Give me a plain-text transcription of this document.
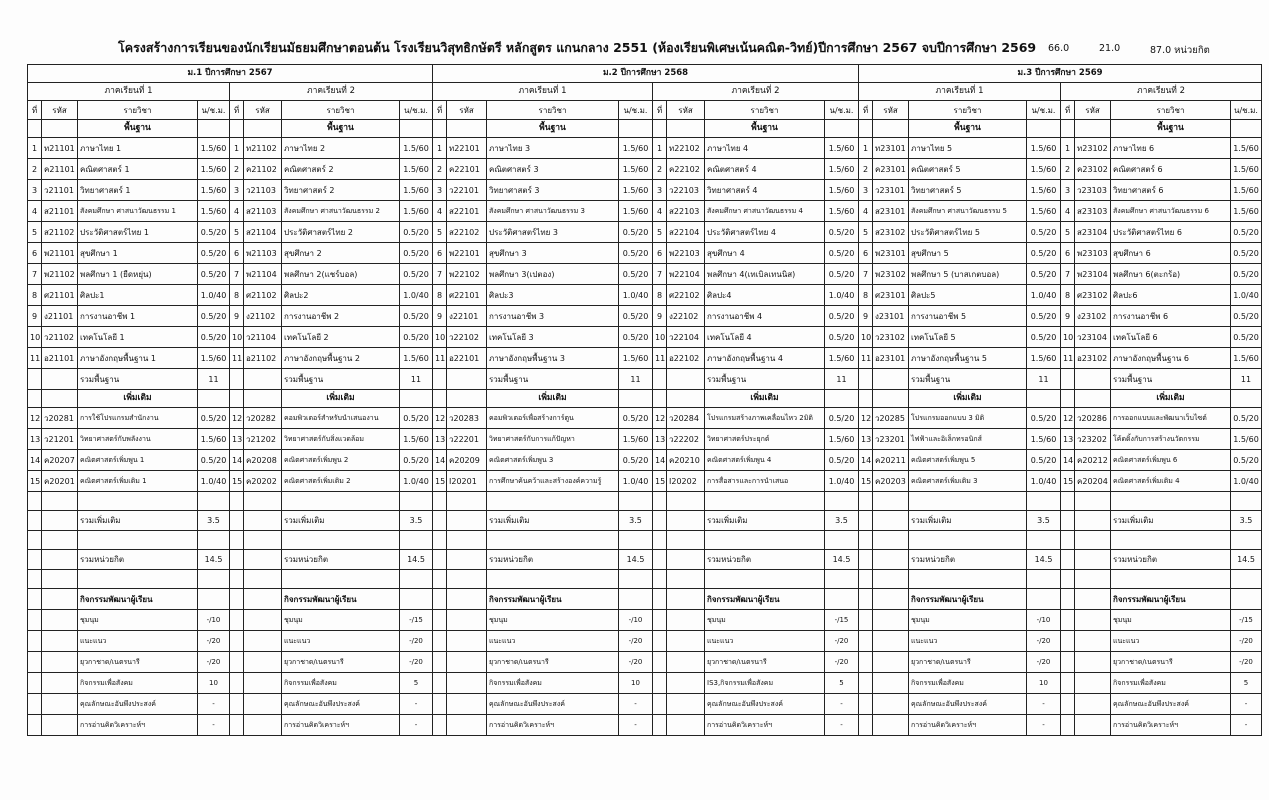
โครงสร้างการเรียนของนักเรียนมัธยมศึกษาตอนต้น โรงเรียนวิสุทธิกษัตรี หลักสูตร แกนกลาง 2551 (ห้องเรียนพิเศษเน้นคณิต-วิทย์)ปีการศึกษา 2567 จบปีการศึกษา 2569 66.0	21.0	87.0 หน่วยกิต
ม.1 ปีการศึกษา 2567								ม.2 ปีการศึกษา 2568								ม.3 ปีการศึกษา 2569							
ภาคเรียนที่ 1				ภาคเรียนที่ 2				ภาคเรียนที่ 1				ภาคเรียนที่ 2				ภาคเรียนที่ 1				ภาคเรียนที่ 2			
ที่	รหัส	รายวิชา	น/ช.ม.	ที่	รหัส	รายวิชา	น/ช.ม.	ที่	รหัส	รายวิชา	น/ช.ม.	ที่	รหัส	รายวิชา	น/ช.ม.	ที่	รหัส	รายวิชา	น/ช.ม.	ที่	รหัส	รายวิชา	น/ช.ม.
		พื้นฐาน				พื้นฐาน				พื้นฐาน				พื้นฐาน				พื้นฐาน				พื้นฐาน	
1	ท21101	ภาษาไทย 1	1.5/60	1	ท21102	ภาษาไทย 2	1.5/60	1	ท22101	ภาษาไทย 3	1.5/60	1	ท22102	ภาษาไทย 4	1.5/60	1	ท23101	ภาษาไทย 5	1.5/60	1	ท23102	ภาษาไทย 6	1.5/60
2	ค21101	คณิตศาสตร์ 1	1.5/60	2	ค21102	คณิตศาสตร์ 2	1.5/60	2	ค22101	คณิตศาสตร์ 3	1.5/60	2	ค22102	คณิตศาสตร์ 4	1.5/60	2	ค23101	คณิตศาสตร์ 5	1.5/60	2	ค23102	คณิตศาสตร์ 6	1.5/60
3	ว21101	วิทยาศาสตร์ 1	1.5/60	3	ว21103	วิทยาศาสตร์ 2	1.5/60	3	ว22101	วิทยาศาสตร์ 3	1.5/60	3	ว22103	วิทยาศาสตร์ 4	1.5/60	3	ว23101	วิทยาศาสตร์ 5	1.5/60	3	ว23103	วิทยาศาสตร์ 6	1.5/60
4	ส21101	สังคมศึกษา ศาสนาวัฒนธรรม 1	1.5/60	4	ส21103	สังคมศึกษา ศาสนาวัฒนธรรม 2	1.5/60	4	ส22101	สังคมศึกษา ศาสนาวัฒนธรรม 3	1.5/60	4	ส22103	สังคมศึกษา ศาสนาวัฒนธรรม 4	1.5/60	4	ส23101	สังคมศึกษา ศาสนาวัฒนธรรม 5	1.5/60	4	ส23103	สังคมศึกษา ศาสนาวัฒนธรรม 6	1.5/60
5	ส21102	ประวัติศาสตร์ไทย 1	0.5/20	5	ส21104	ประวัติศาสตร์ไทย 2	0.5/20	5	ส22102	ประวัติศาสตร์ไทย 3	0.5/20	5	ส22104	ประวัติศาสตร์ไทย 4	0.5/20	5	ส23102	ประวัติศาสตร์ไทย 5	0.5/20	5	ส23104	ประวัติศาสตร์ไทย 6	0.5/20
6	พ21101	สุขศึกษา 1	0.5/20	6	พ21103	สุขศึกษา 2	0.5/20	6	พ22101	สุขศึกษา 3	0.5/20	6	พ22103	สุขศึกษา 4	0.5/20	6	พ23101	สุขศึกษา 5	0.5/20	6	พ23103	สุขศึกษา 6	0.5/20
7	พ21102	พลศึกษา 1 (ยืดหยุ่น)	0.5/20	7	พ21104	พลศึกษา 2(แชร์บอล)	0.5/20	7	พ22102	พลศึกษา 3(เปตอง)	0.5/20	7	พ22104	พลศึกษา 4(เทเบิลเทนนิส)	0.5/20	7	พ23102	พลศึกษา 5 (บาสเกตบอล)	0.5/20	7	พ23104	พลศึกษา 6(ตะกร้อ)	0.5/20
8	ศ21101	ศิลปะ1	1.0/40	8	ศ21102	ศิลปะ2	1.0/40	8	ศ22101	ศิลปะ3	1.0/40	8	ศ22102	ศิลปะ4	1.0/40	8	ศ23101	ศิลปะ5	1.0/40	8	ศ23102	ศิลปะ6	1.0/40
9	ง21101	การงานอาชีพ 1	0.5/20	9	ง21102	การงานอาชีพ 2	0.5/20	9	ง22101	การงานอาชีพ 3	0.5/20	9	ง22102	การงานอาชีพ 4	0.5/20	9	ง23101	การงานอาชีพ 5	0.5/20	9	ง23102	การงานอาชีพ 6	0.5/20
10	ว21102	เทคโนโลยี 1	0.5/20	10	ว21104	เทคโนโลยี 2	0.5/20	10	ว22102	เทคโนโลยี 3	0.5/20	10	ว22104	เทคโนโลยี 4	0.5/20	10	ว23102	เทคโนโลยี 5	0.5/20	10	ว23104	เทคโนโลยี 6	0.5/20
11	อ21101	ภาษาอังกฤษพื้นฐาน 1	1.5/60	11	อ21102	ภาษาอังกฤษพื้นฐาน 2	1.5/60	11	อ22101	ภาษาอังกฤษพื้นฐาน 3	1.5/60	11	อ22102	ภาษาอังกฤษพื้นฐาน 4	1.5/60	11	อ23101	ภาษาอังกฤษพื้นฐาน 5	1.5/60	11	อ23102	ภาษาอังกฤษพื้นฐาน 6	1.5/60
		รวมพื้นฐาน	11			รวมพื้นฐาน	11			รวมพื้นฐาน	11			รวมพื้นฐาน	11			รวมพื้นฐาน	11			รวมพื้นฐาน	11
		เพิ่มเติม				เพิ่มเติม				เพิ่มเติม				เพิ่มเติม				เพิ่มเติม				เพิ่มเติม	
12	ว20281	การใช้โปรแกรมสำนักงาน	0.5/20	12	ว20282	คอมพิวเตอร์สำหรับนำเสนองาน	0.5/20	12	ว20283	คอมพิวเตอร์เพื่อสร้างการ์ตูน	0.5/20	12	ว20284	โปรแกรมสร้างภาพเคลื่อนไหว 2มิติ	0.5/20	12	ว20285	โปรแกรมออกแบบ 3 มิติ	0.5/20	12	ว20286	การออกแบบและพัฒนาเว็บไซต์	0.5/20
13	ว21201	วิทยาศาสตร์กับพลังงาน	1.5/60	13	ว21202	วิทยาศาสตร์กับสิ่งแวดล้อม	1.5/60	13	ว22201	วิทยาศาสตร์กับการแก้ปัญหา	1.5/60	13	ว22202	วิทยาศาสตร์ประยุกต์	1.5/60	13	ว23201	ไฟฟ้าและอิเล็กทรอนิกส์	1.5/60	13	ว23202	โค้ดดิ้งกับการสร้างนวัตกรรม	1.5/60
14	ค20207	คณิตศาสตร์เพิ่มพูน 1	0.5/20	14	ค20208	คณิตศาสตร์เพิ่มพูน 2	0.5/20	14	ค20209	คณิตศาสตร์เพิ่มพูน 3	0.5/20	14	ค20210	คณิตศาสตร์เพิ่มพูน 4	0.5/20	14	ค20211	คณิตศาสตร์เพิ่มพูน 5	0.5/20	14	ค20212	คณิตศาสตร์เพิ่มพูน 6	0.5/20
15	ค20201	คณิตศาสตร์เพิ่มเติม 1	1.0/40	15	ค20202	คณิตศาสตร์เพิ่มเติม 2	1.0/40	15	I20201	การศึกษาค้นคว้าและสร้างองค์ความรู้	1.0/40	15	I20202	การสื่อสารและการนำเสนอ	1.0/40	15	ค20203	คณิตศาสตร์เพิ่มเติม 3	1.0/40	15	ค20204	คณิตศาสตร์เพิ่มเติม 4	1.0/40

		รวมเพิ่มเติม	3.5			รวมเพิ่มเติม	3.5			รวมเพิ่มเติม	3.5			รวมเพิ่มเติม	3.5			รวมเพิ่มเติม	3.5			รวมเพิ่มเติม	3.5

		รวมหน่วยกิต	14.5			รวมหน่วยกิต	14.5			รวมหน่วยกิต	14.5			รวมหน่วยกิต	14.5			รวมหน่วยกิต	14.5			รวมหน่วยกิต	14.5

		กิจกรรมพัฒนาผู้เรียน				กิจกรรมพัฒนาผู้เรียน				กิจกรรมพัฒนาผู้เรียน				กิจกรรมพัฒนาผู้เรียน				กิจกรรมพัฒนาผู้เรียน				กิจกรรมพัฒนาผู้เรียน	
		ชุมนุม	-/10			ชุมนุม	-/15			ชุมนุม	-/10			ชุมนุม	-/15			ชุมนุม	-/10			ชุมนุม	-/15
		แนะแนว	-/20			แนะแนว	-/20			แนะแนว	-/20			แนะแนว	-/20			แนะแนว	-/20			แนะแนว	-/20
		ยุวกาชาด/เนตรนารี	-/20			ยุวกาชาด/เนตรนารี	-/20			ยุวกาชาด/เนตรนารี	-/20			ยุวกาชาด/เนตรนารี	-/20			ยุวกาชาด/เนตรนารี	-/20			ยุวกาชาด/เนตรนารี	-/20
		กิจกรรมเพื่อสังคม	10			กิจกรรมเพื่อสังคม	5			กิจกรรมเพื่อสังคม	10			IS3,กิจกรรมเพื่อสังคม	5			กิจกรรมเพื่อสังคม	10			กิจกรรมเพื่อสังคม	5
		คุณลักษณะอันพึงประสงค์	-			คุณลักษณะอันพึงประสงค์	-			คุณลักษณะอันพึงประสงค์	-			คุณลักษณะอันพึงประสงค์	-			คุณลักษณะอันพึงประสงค์	-			คุณลักษณะอันพึงประสงค์	-
		การอ่านคิดวิเคราะห์ฯ	-			การอ่านคิดวิเคราะห์ฯ	-			การอ่านคิดวิเคราะห์ฯ	-			การอ่านคิดวิเคราะห์ฯ	-			การอ่านคิดวิเคราะห์ฯ	-			การอ่านคิดวิเคราะห์ฯ	-
